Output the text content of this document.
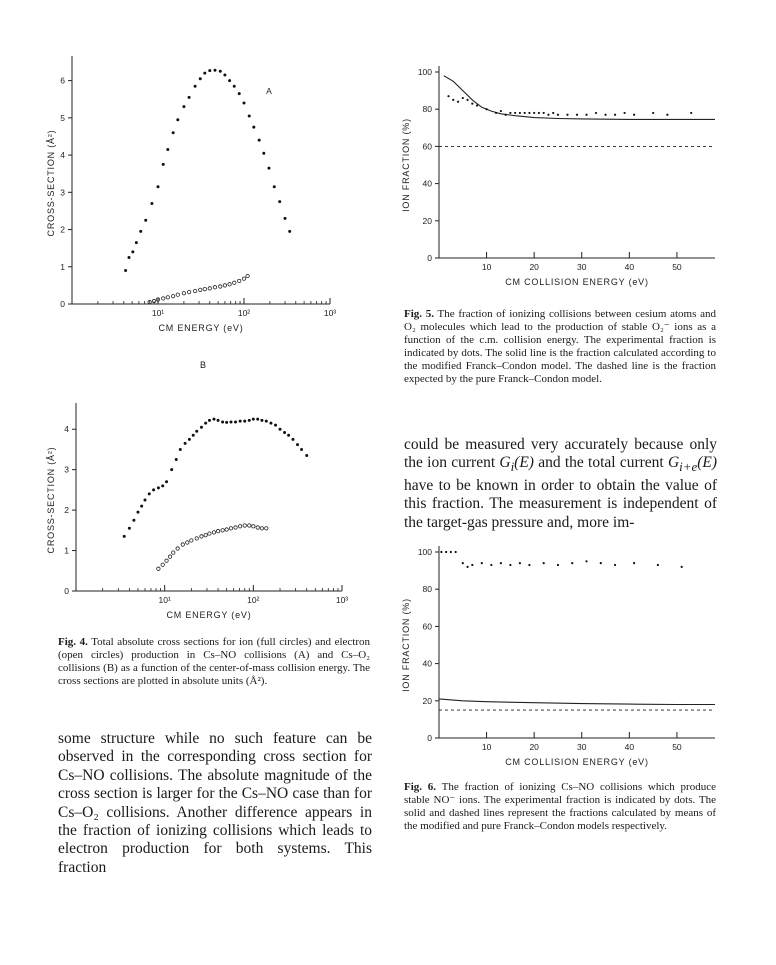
0
1
2
3
4
5
6
10¹	10²	10³
CM ENERGY (eV)
CROSS-SECTION (Å²)
A
B
0
1
2
3
4
10¹	10²	10³
CM ENERGY (eV)
CROSS-SECTION (Å²)
Fig. 4. Total absolute cross sections for ion (full circles) and electron (open circles) production in Cs–NO collisions (A) and Cs–O₂ collisions (B) as a function of the center-of-mass collision energy. The cross sections are plotted in absolute units (Å²).
some structure while no such feature can be observed in the corresponding cross section for Cs–NO collisions. The absolute magnitude of the cross section is larger for the Cs–NO case than for Cs–O₂ collisions. Another difference appears in the fraction of ionizing collisions which leads to electron production for both systems. This fraction
0
20
40
60
80
100
10	20	30	40	50
CM COLLISION ENERGY (eV)
ION FRACTION (%)
Fig. 5. The fraction of ionizing collisions between cesium atoms and O₂ molecules which lead to the production of stable O₂⁻ ions as a function of the c.m. collision energy. The experimental fraction is indicated by dots. The solid line is the fraction calculated according to the modified Franck–Condon model. The dashed line is the fraction expected by the pure Franck–Condon model.
could be measured very accurately because only the ion current $G_i(E)$ and the total current $G_{i+e}(E)$ have to be known in order to obtain the value of this fraction. The measurement is independent of the target-gas pressure and, more im-
0
20
40
60
80
100
10	20	30	40	50
CM COLLISION ENERGY (eV)
ION FRACTION (%)
Fig. 6. The fraction of ionizing Cs–NO collisions which produce stable NO⁻ ions. The experimental fraction is indicated by dots. The solid and dashed lines represent the fractions calculated by means of the modified and pure Franck–Condon models respectively.
